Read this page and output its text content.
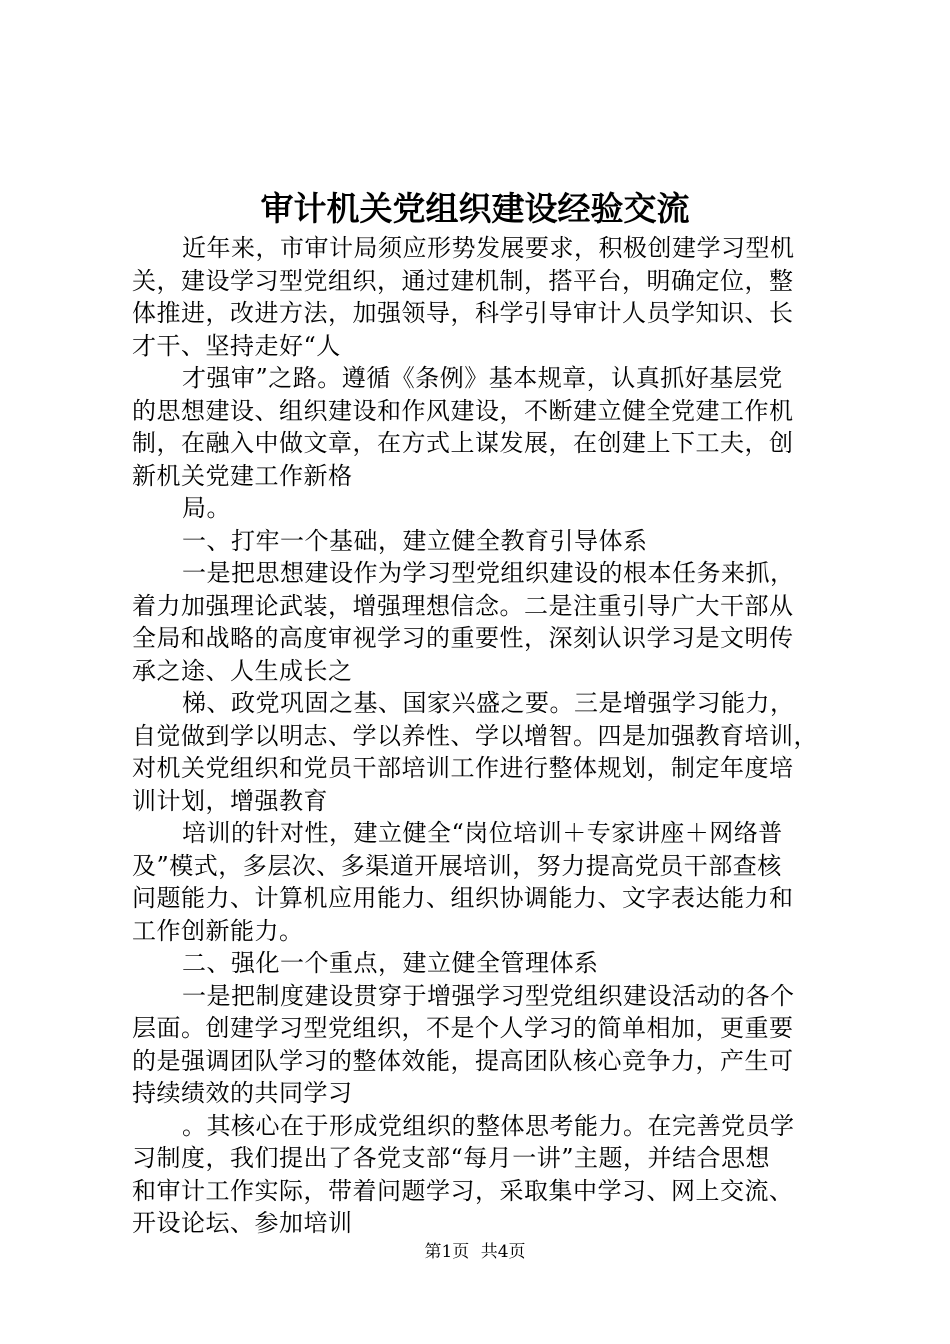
审计机关党组织建设经验交流
近年来，市审计局须应形势发展要求，积极创建学习型机
关，建设学习型党组织，通过建机制，搭平台，明确定位，整
体推进，改进方法，加强领导，科学引导审计人员学知识、长
才干、坚持走好“人
才强审”之路。遵循《条例》基本规章，认真抓好基层党
的思想建设、组织建设和作风建设，不断建立健全党建工作机
制，在融入中做文章，在方式上谋发展，在创建上下工夫，创
新机关党建工作新格
局。
一、打牢一个基础，建立健全教育引导体系
一是把思想建设作为学习型党组织建设的根本任务来抓，
着力加强理论武装，增强理想信念。二是注重引导广大干部从
全局和战略的高度审视学习的重要性，深刻认识学习是文明传
承之途、人生成长之
梯、政党巩固之基、国家兴盛之要。三是增强学习能力，
自觉做到学以明志、学以养性、学以增智。四是加强教育培训，
对机关党组织和党员干部培训工作进行整体规划，制定年度培
训计划，增强教育
培训的针对性，建立健全“岗位培训＋专家讲座＋网络普
及”模式，多层次、多渠道开展培训，努力提高党员干部查核
问题能力、计算机应用能力、组织协调能力、文字表达能力和
工作创新能力。
二、强化一个重点，建立健全管理体系
一是把制度建设贯穿于增强学习型党组织建设活动的各个
层面。创建学习型党组织，不是个人学习的简单相加，更重要
的是强调团队学习的整体效能，提高团队核心竞争力，产生可
持续绩效的共同学习
。其核心在于形成党组织的整体思考能力。在完善党员学
习制度，我们提出了各党支部“每月一讲”主题，并结合思想
和审计工作实际，带着问题学习，采取集中学习、网上交流、
开设论坛、参加培训
第1页 共4页
